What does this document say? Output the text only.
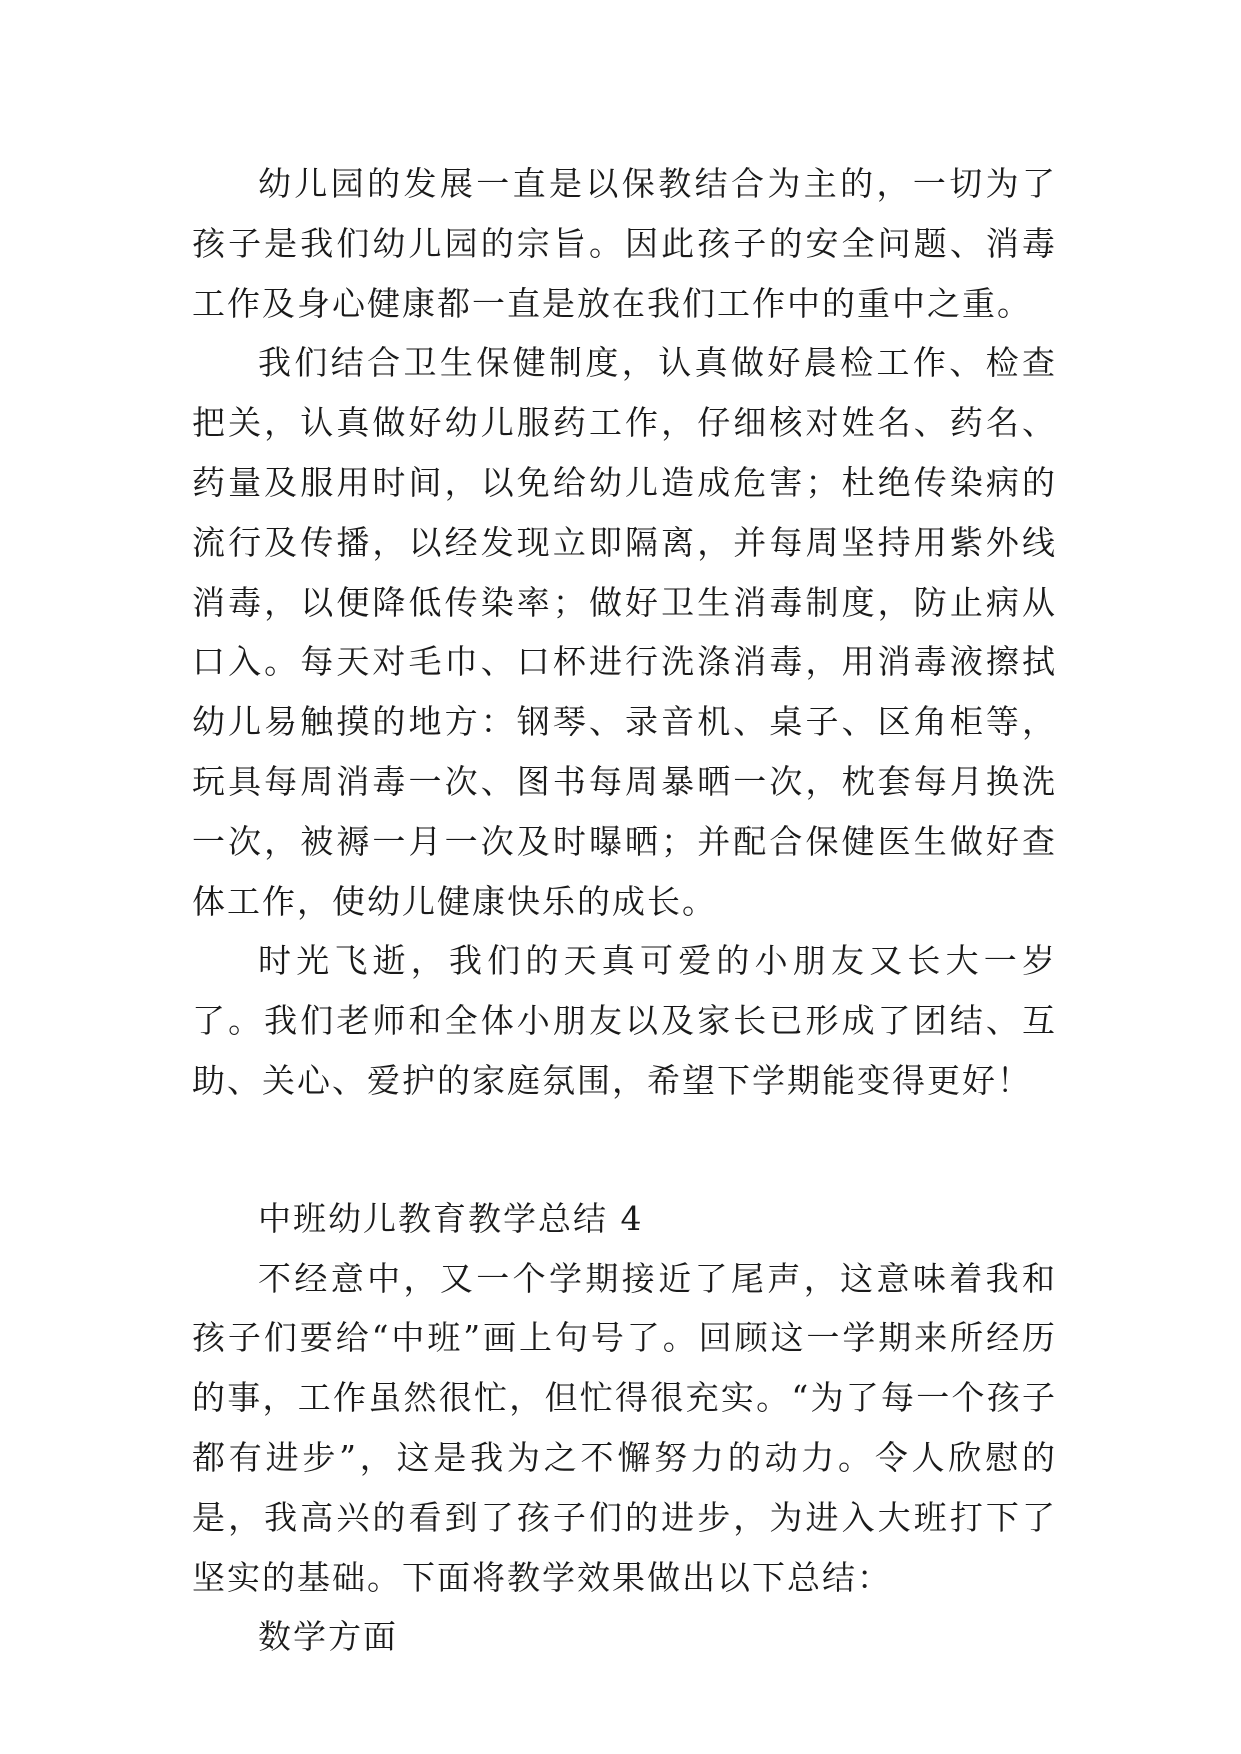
幼儿园的发展一直是以保教结合为主的，一切为了孩子是我们幼儿园的宗旨。因此孩子的安全问题、消毒工作及身心健康都一直是放在我们工作中的重中之重。

我们结合卫生保健制度，认真做好晨检工作、检查把关，认真做好幼儿服药工作，仔细核对姓名、药名、药量及服用时间，以免给幼儿造成危害；杜绝传染病的流行及传播，以经发现立即隔离，并每周坚持用紫外线消毒，以便降低传染率；做好卫生消毒制度，防止病从口入。每天对毛巾、口杯进行洗涤消毒，用消毒液擦拭幼儿易触摸的地方：钢琴、录音机、桌子、区角柜等，玩具每周消毒一次、图书每周暴晒一次，枕套每月换洗一次，被褥一月一次及时曝晒；并配合保健医生做好查体工作，使幼儿健康快乐的成长。

时光飞逝，我们的天真可爱的小朋友又长大一岁了。我们老师和全体小朋友以及家长已形成了团结、互助、关心、爱护的家庭氛围，希望下学期能变得更好！

中班幼儿教育教学总结 4

不经意中，又一个学期接近了尾声，这意味着我和孩子们要给“中班”画上句号了。回顾这一学期来所经历的事，工作虽然很忙，但忙得很充实。“为了每一个孩子都有进步”，这是我为之不懈努力的动力。令人欣慰的是，我高兴的看到了孩子们的进步，为进入大班打下了坚实的基础。下面将教学效果做出以下总结：

数学方面
